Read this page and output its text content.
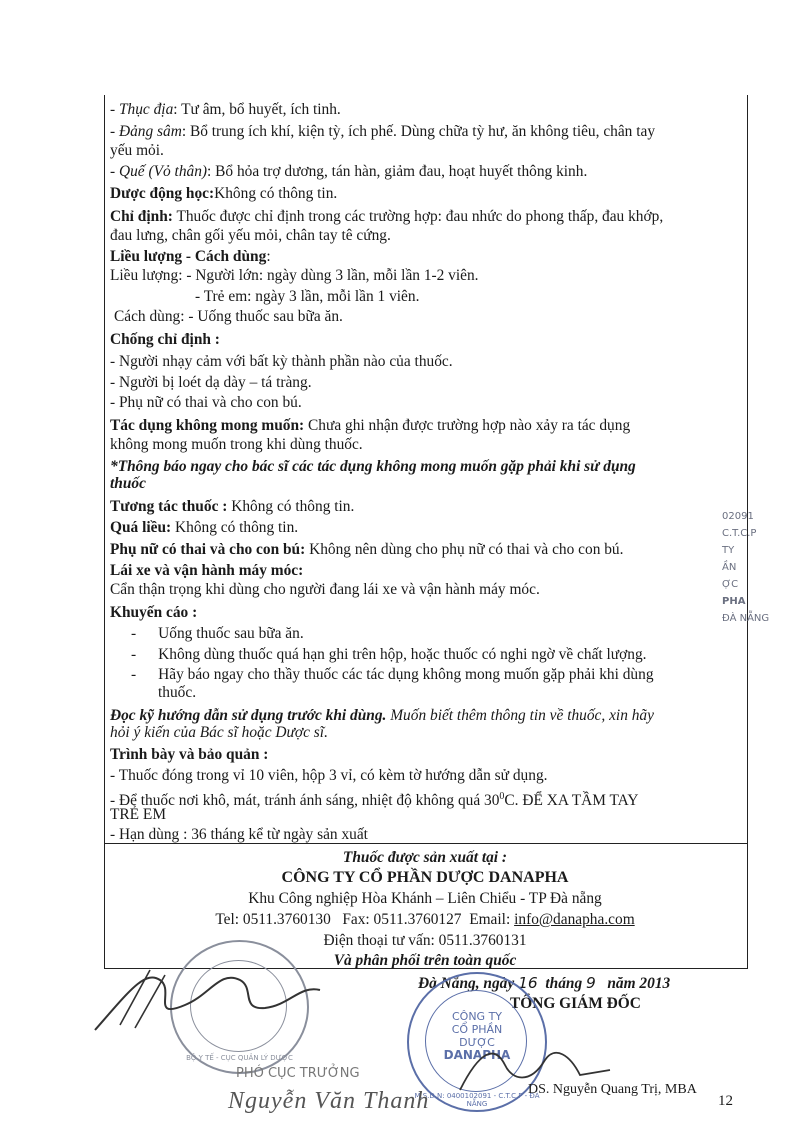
- Thục địa: Tư âm, bổ huyết, ích tinh.
- Đảng sâm: Bổ trung ích khí, kiện tỳ, ích phế. Dùng chữa tỳ hư, ăn không tiêu, chân tay
yếu mỏi.
- Quế (Vỏ thân): Bổ hỏa trợ dương, tán hàn, giảm đau, hoạt huyết thông kinh.
Dược động học:Không có thông tin.
Chỉ định: Thuốc được chỉ định trong các trường hợp: đau nhức do phong thấp, đau khớp,
đau lưng, chân gối yếu mỏi, chân tay tê cứng.
Liều lượng - Cách dùng:
Liều lượng: - Người lớn: ngày dùng 3 lần, mỗi lần 1-2 viên.
- Trẻ em: ngày 3 lần, mỗi lần 1 viên.
Cách dùng: - Uống thuốc sau bữa ăn.
Chống chỉ định :
- Người nhạy cảm với bất kỳ thành phần nào của thuốc.
- Người bị loét dạ dày – tá tràng.
- Phụ nữ có thai và cho con bú.
Tác dụng không mong muốn: Chưa ghi nhận được trường hợp nào xảy ra tác dụng
không mong muốn trong khi dùng thuốc.
*Thông báo ngay cho bác sĩ các tác dụng không mong muốn gặp phải khi sử dụng
thuốc
Tương tác thuốc : Không có thông tin.
Quá liều: Không có thông tin.
Phụ nữ có thai và cho con bú: Không nên dùng cho phụ nữ có thai và cho con bú.
Lái xe và vận hành máy móc:
Cẩn thận trọng khi dùng cho người đang lái xe và vận hành máy móc.
Khuyến cáo :
- Uống thuốc sau bữa ăn.
- Không dùng thuốc quá hạn ghi trên hộp, hoặc thuốc có nghi ngờ về chất lượng.
- Hãy báo ngay cho thầy thuốc các tác dụng không mong muốn gặp phải khi dùng
thuốc.
Đọc kỹ hướng dẫn sử dụng trước khi dùng. Muốn biết thêm thông tin về thuốc, xin hãy
hỏi ý kiến của Bác sĩ hoặc Dược sĩ.
Trình bày và bảo quản :
- Thuốc đóng trong vỉ 10 viên, hộp 3 vỉ, có kèm tờ hướng dẫn sử dụng.
- Để thuốc nơi khô, mát, tránh ánh sáng, nhiệt độ không quá $30^0C$. ĐỂ XA TẦM TAY
TRẺ EM
- Hạn dùng : 36 tháng kể từ ngày sản xuất
Thuốc được sản xuất tại :
CÔNG TY CỔ PHẦN DƯỢC DANAPHA
Khu Công nghiệp Hòa Khánh – Liên Chiểu - TP Đà nẵng
Tel: 0511.3760130 Fax: 0511.3760127 Email: info@danapha.com
Điện thoại tư vấn: 0511.3760131
Và phân phối trên toàn quốc
Đà Nẵng, ngày 16 tháng 9 năm 2013
TỔNG GIÁM ĐỐC
CÔNG TY
CỔ PHẦN
DƯỢC
DANAPHA
M.S.D.N: 0400102091 - C.T.C.P - ĐÀ NẴNG
02091
C.T.C.P
TY
ẦN
ỢC
PHA
ĐÀ NẴNG
BỘ Y TẾ - CỤC QUẢN LÝ DƯỢC
PHÓ CỤC TRƯỞNG
Nguyễn Văn Thanh	DS. Nguyễn Quang Trị, MBA
12
